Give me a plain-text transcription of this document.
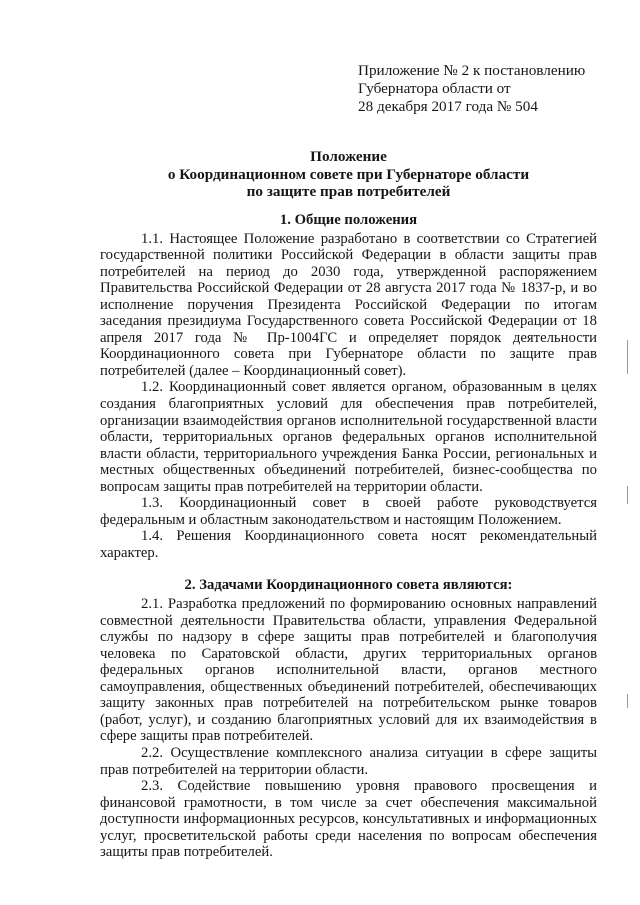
Приложение № 2 к постановлению
Губернатора области от
28 декабря 2017 года № 504
Положение
о Координационном совете при Губернаторе области
по защите прав потребителей

1. Общие положения

1.1. Настоящее Положение разработано в соответствии со Стратегией государственной политики Российской Федерации в области защиты прав потребителей на период до 2030 года, утвержденной распоряжением Правительства Российской Федерации от 28 августа 2017 года № 1837-р, и во исполнение поручения Президента Российской Федерации по итогам заседания президиума Государственного совета Российской Федерации от 18 апреля 2017 года № Пр-1004ГС и определяет порядок деятельности Координационного совета при Губернаторе области по защите прав потребителей (далее – Координационный совет).

1.2. Координационный совет является органом, образованным в целях создания благоприятных условий для обеспечения прав потребителей, организации взаимодействия органов исполнительной государственной власти области, территориальных органов федеральных органов исполнительной власти области, территориального учреждения Банка России, региональных и местных общественных объединений потребителей, бизнес-сообщества по вопросам защиты прав потребителей на территории области.

1.3. Координационный совет в своей работе руководствуется федеральным и областным законодательством и настоящим Положением.

1.4. Решения Координационного совета носят рекомендательный характер.

2. Задачами Координационного совета являются:

2.1. Разработка предложений по формированию основных направлений совместной деятельности Правительства области, управления Федеральной службы по надзору в сфере защиты прав потребителей и благополучия человека по Саратовской области, других территориальных органов федеральных органов исполнительной власти, органов местного самоуправления, общественных объединений потребителей, обеспечивающих защиту законных прав потребителей на потребительском рынке товаров (работ, услуг), и созданию благоприятных условий для их взаимодействия в сфере защиты прав потребителей.

2.2. Осуществление комплексного анализа ситуации в сфере защиты прав потребителей на территории области.

2.3. Содействие повышению уровня правового просвещения и финансовой грамотности, в том числе за счет обеспечения максимальной доступности информационных ресурсов, консультативных и информационных услуг, просветительской работы среди населения по вопросам обеспечения защиты прав потребителей.
